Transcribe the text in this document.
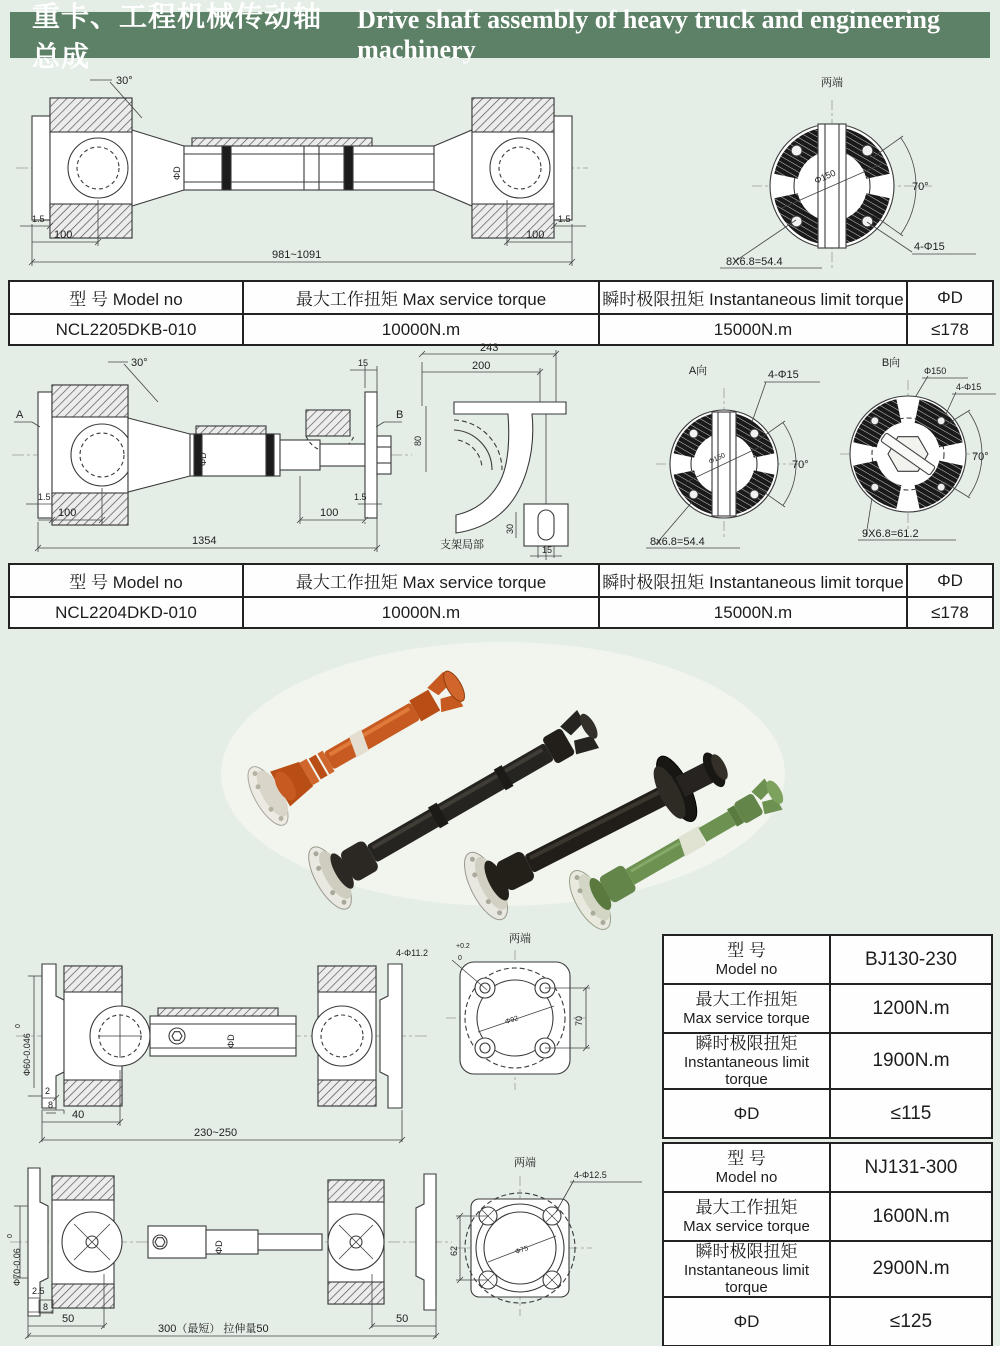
重卡、工程机械传动轴总成
Drive shaft assembly of heavy truck and engineering machinery
30°
ΦD
1.5
100
981~1091
100
1.5
两端
Φ150
70°
4-Φ15
8X6.8=54.4
型 号 Model no	最大工作扭矩 Max service torque	瞬时极限扭矩 Instantaneous limit torque	ΦD
NCL2205DKB-010	10000N.m	15000N.m	≤178
A	B
30°	15
ΦD
1.5
100
1354
100
1.5
243
200
80
30
15
支架局部
A向
Φ150	70°
4-Φ15
8x6.8=54.4
B向
Φ150
4-Φ15
70°
9X6.8=61.2
型 号 Model no	最大工作扭矩 Max service torque	瞬时极限扭矩 Instantaneous limit torque	ΦD
NCL2204DKD-010	10000N.m	15000N.m	≤178
Φ60-0.046
0
2
8
40
230~250
ΦD
两端
4-Φ11.2
+0.2
0
Φ92	70
型 号
Model no	BJ130-230

最大工作扭矩
Max service torque	1200N.m

瞬时极限扭矩
Instantaneous limit torque	1900N.m

ΦD	≤115
Φ70-0.06
0
2.5
8
50
300（最短） 拉伸量50
50
ΦD
两端
4-Φ12.5
Φ75
62
型 号
Model no	NJ131-300

最大工作扭矩
Max service torque	1600N.m

瞬时极限扭矩
Instantaneous limit torque	2900N.m

ΦD	≤125
